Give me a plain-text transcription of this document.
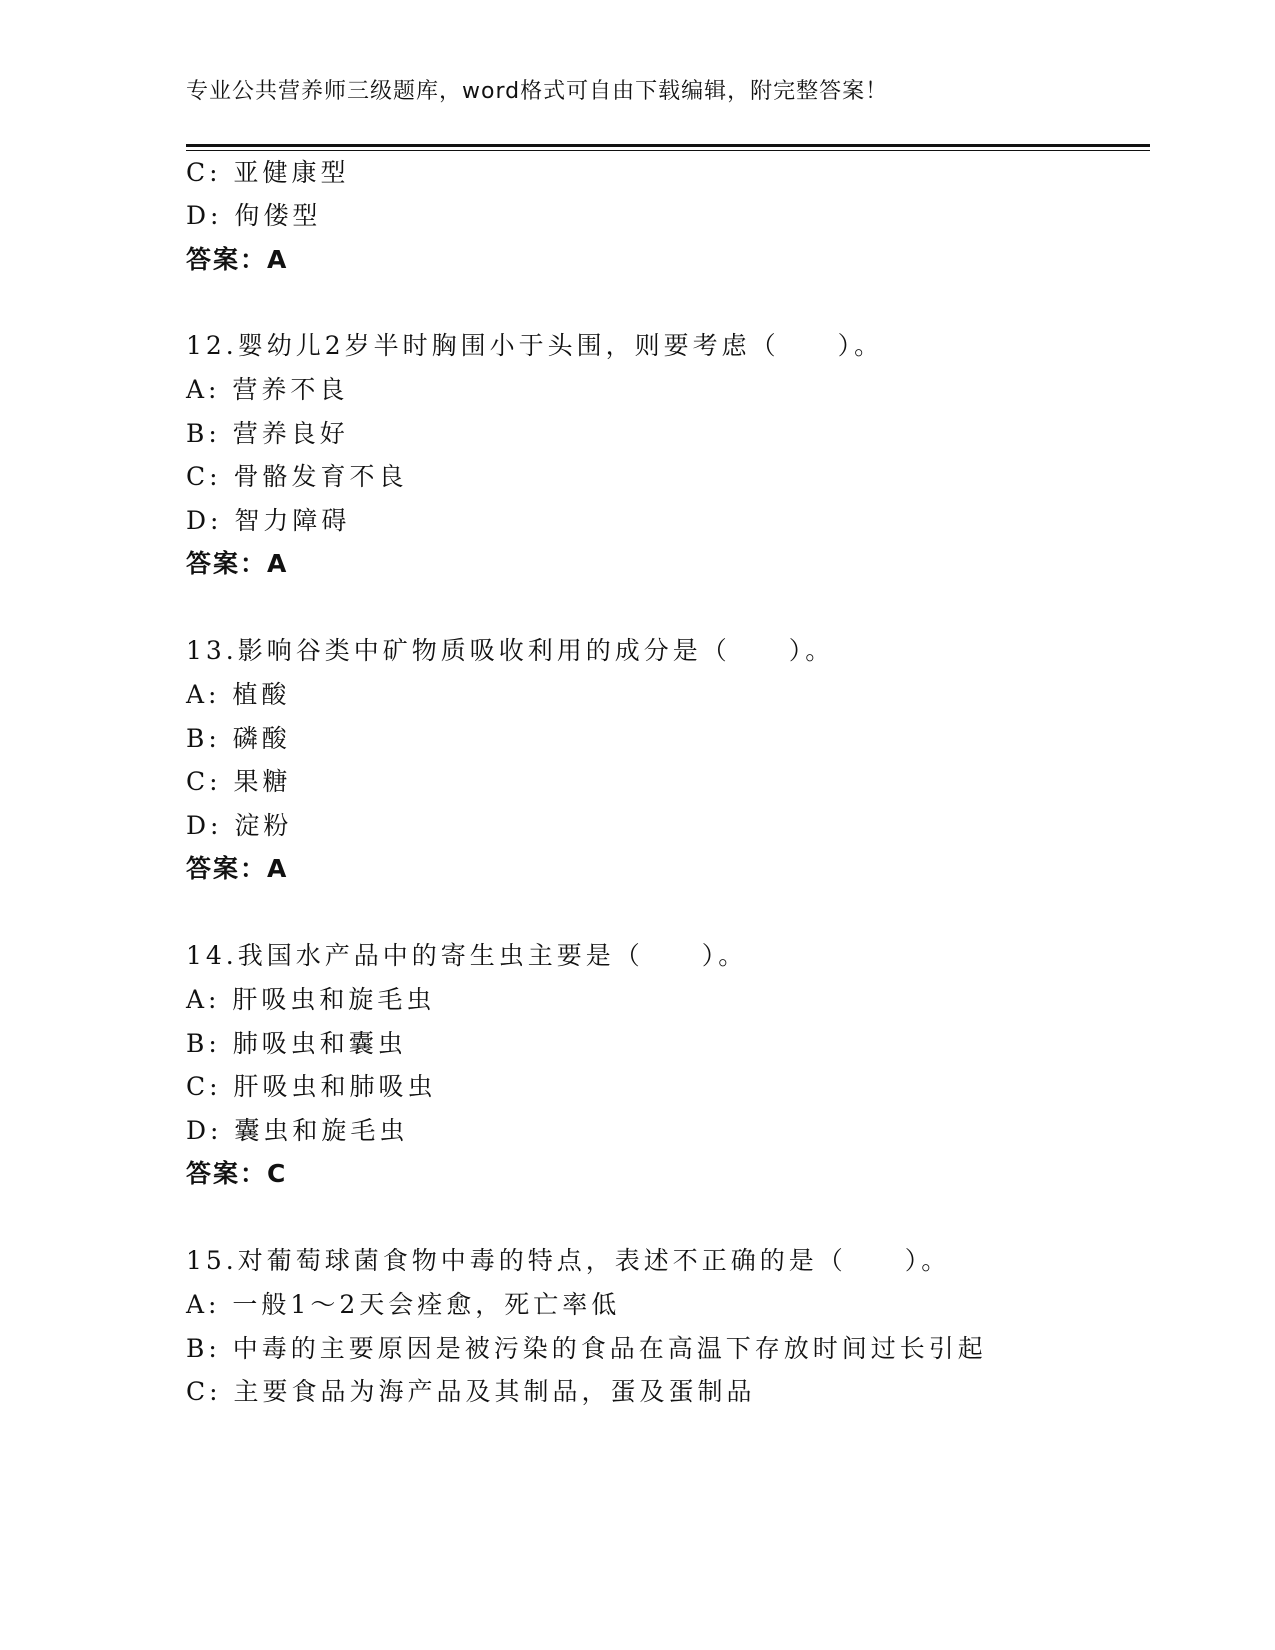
专业公共营养师三级题库，word格式可自由下载编辑，附完整答案！
C: 亚健康型
D: 佝偻型
答案：A
12.婴幼儿2岁半时胸围小于头围，则要考虑（　　）。
A: 营养不良
B: 营养良好
C: 骨骼发育不良
D: 智力障碍
答案：A
13.影响谷类中矿物质吸收利用的成分是（　　）。
A: 植酸
B: 磷酸
C: 果糖
D: 淀粉
答案：A
14.我国水产品中的寄生虫主要是（　　）。
A: 肝吸虫和旋毛虫
B: 肺吸虫和囊虫
C: 肝吸虫和肺吸虫
D: 囊虫和旋毛虫
答案：C
15.对葡萄球菌食物中毒的特点，表述不正确的是（　　）。
A: 一般1～2天会痊愈，死亡率低
B: 中毒的主要原因是被污染的食品在高温下存放时间过长引起
C: 主要食品为海产品及其制品，蛋及蛋制品
